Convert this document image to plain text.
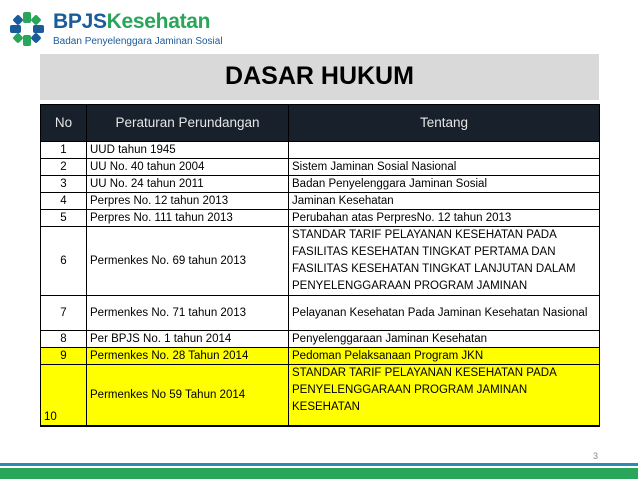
BPJSKesehatan
Badan Penyelenggara Jaminan Sosial
DASAR HUKUM
No	Peraturan Perundangan	Tentang
1	UUD tahun 1945	
2	UU No. 40 tahun 2004	Sistem Jaminan Sosial Nasional
3	UU No. 24 tahun 2011	Badan Penyelenggara Jaminan Sosial
4	Perpres No. 12 tahun 2013	Jaminan Kesehatan
5	Perpres No. 111 tahun 2013	Perubahan atas PerpresNo. 12 tahun 2013
6	Permenkes No. 69 tahun 2013	STANDAR TARIF PELAYANAN KESEHATAN PADA FASILITAS KESEHATAN TINGKAT PERTAMA DAN FASILITAS KESEHATAN TINGKAT LANJUTAN DALAM PENYELENGGARAAN PROGRAM JAMINAN
7	Permenkes No. 71 tahun 2013	Pelayanan Kesehatan Pada Jaminan Kesehatan Nasional
8	Per BPJS No. 1 tahun 2014	Penyelenggaraan Jaminan Kesehatan
9	Permenkes No. 28 Tahun 2014	Pedoman Pelaksanaan Program JKN
10	Permenkes No 59 Tahun 2014	STANDAR TARIF PELAYANAN KESEHATAN PADA PENYELENGGARAAN PROGRAM JAMINAN KESEHATAN

3
